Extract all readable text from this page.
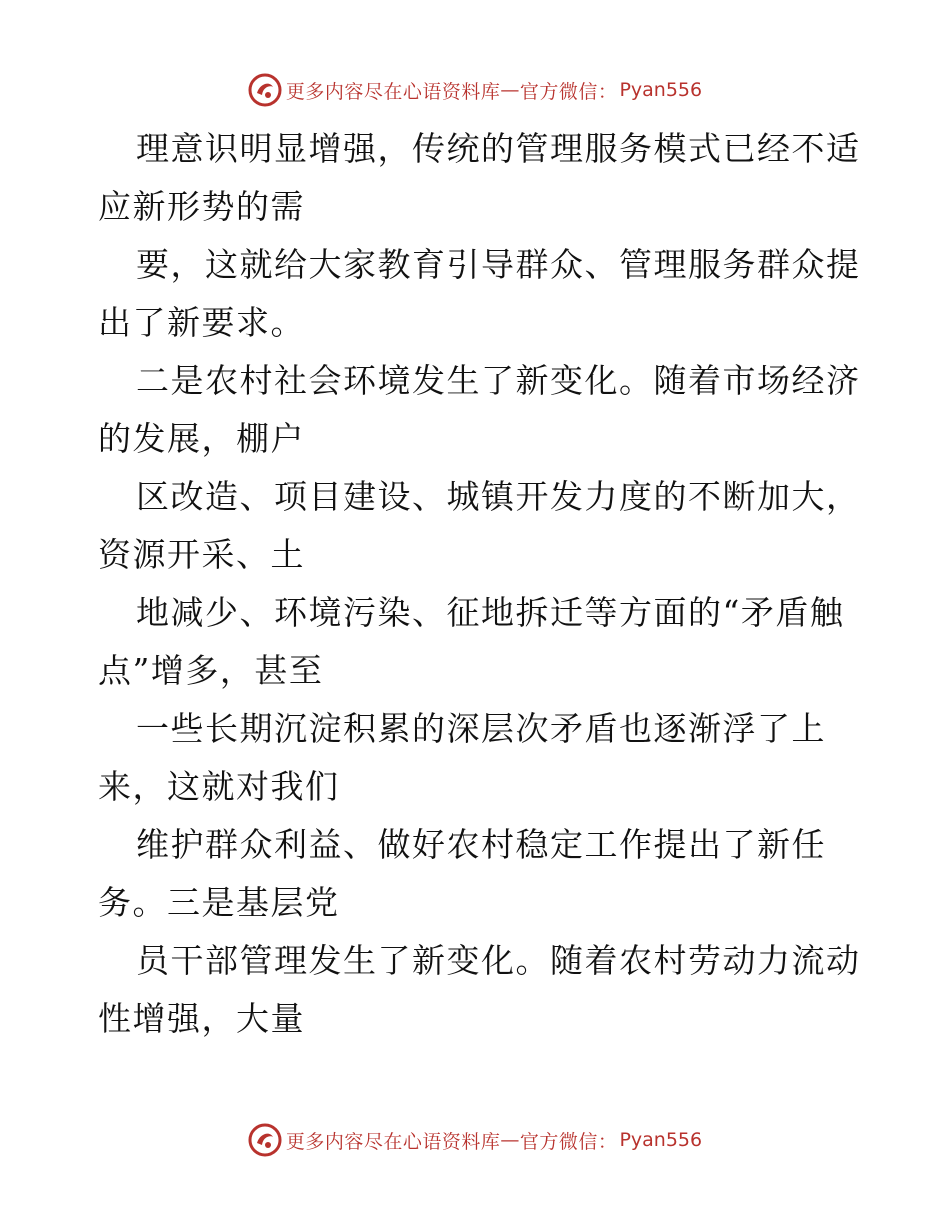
更多内容尽在心语资料库 — 官方微信： Pyan556
理意识明显增强，传统的管理服务模式已经不适
应新形势的需
要，这就给大家教育引导群众、管理服务群众提
出了新要求。
二是农村社会环境发生了新变化。随着市场经济
的发展，棚户
区改造、项目建设、城镇开发力度的不断加大，
资源开采、土
地减少、环境污染、征地拆迁等方面的“矛盾触
点”增多，甚至
一些长期沉淀积累的深层次矛盾也逐渐浮了上
来，这就对我们
维护群众利益、做好农村稳定工作提出了新任
务。三是基层党
员干部管理发生了新变化。随着农村劳动力流动
性增强，大量
更多内容尽在心语资料库 — 官方微信： Pyan556
